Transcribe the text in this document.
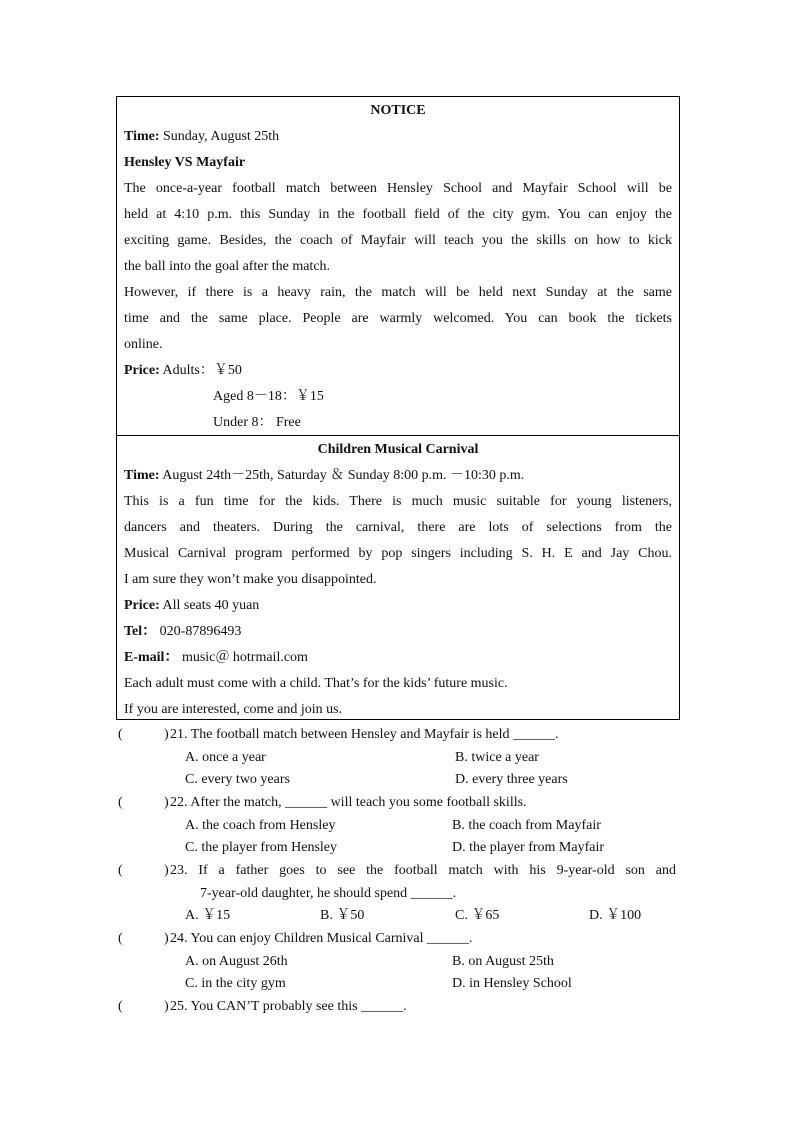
NOTICE
Time: Sunday, August 25th
Hensley VS Mayfair
The once-a-year football match between Hensley School and Mayfair School will be
held at 4:10 p.m. this Sunday in the football field of the city gym. You can enjoy the
exciting game. Besides, the coach of Mayfair will teach you the skills on how to kick
the ball into the goal after the match.
However, if there is a heavy rain, the match will be held next Sunday at the same
time and the same place. People are warmly welcomed. You can book the tickets
online.
Price: Adults：￥50
Aged 8－18：￥15
Under 8： Free
Children Musical Carnival
Time: August 24th－25th, Saturday ＆ Sunday 8:00 p.m. －10:30 p.m.
This is a fun time for the kids. There is much music suitable for young listeners,
dancers and theaters. During the carnival, there are lots of selections from the
Musical Carnival program performed by pop singers including S. H. E and Jay Chou.
I am sure they won’t make you disappointed.
Price: All seats 40 yuan
Tel： 020-87896493
E-mail： music＠ hotrmail.com
Each adult must come with a child. That’s for the kids’ future music.
If you are interested, come and join us.
(	) 21. The football match between Hensley and Mayfair is held ______.
A. once a year	B. twice a year
C. every two years	D. every three years
(	) 22. After the match, ______ will teach you some football skills.
A. the coach from Hensley	B. the coach from Mayfair
C. the player from Hensley	D. the player from Mayfair
(	) 23. If a father goes to see the football match with his 9-year-old son and
7-year-old daughter, he should spend ______.
A. ￥15	B. ￥50	C. ￥65	D. ￥100
(	) 24. You can enjoy Children Musical Carnival ______.
A. on August 26th	B. on August 25th
C. in the city gym	D. in Hensley School
(	) 25. You CAN’T probably see this ______.
